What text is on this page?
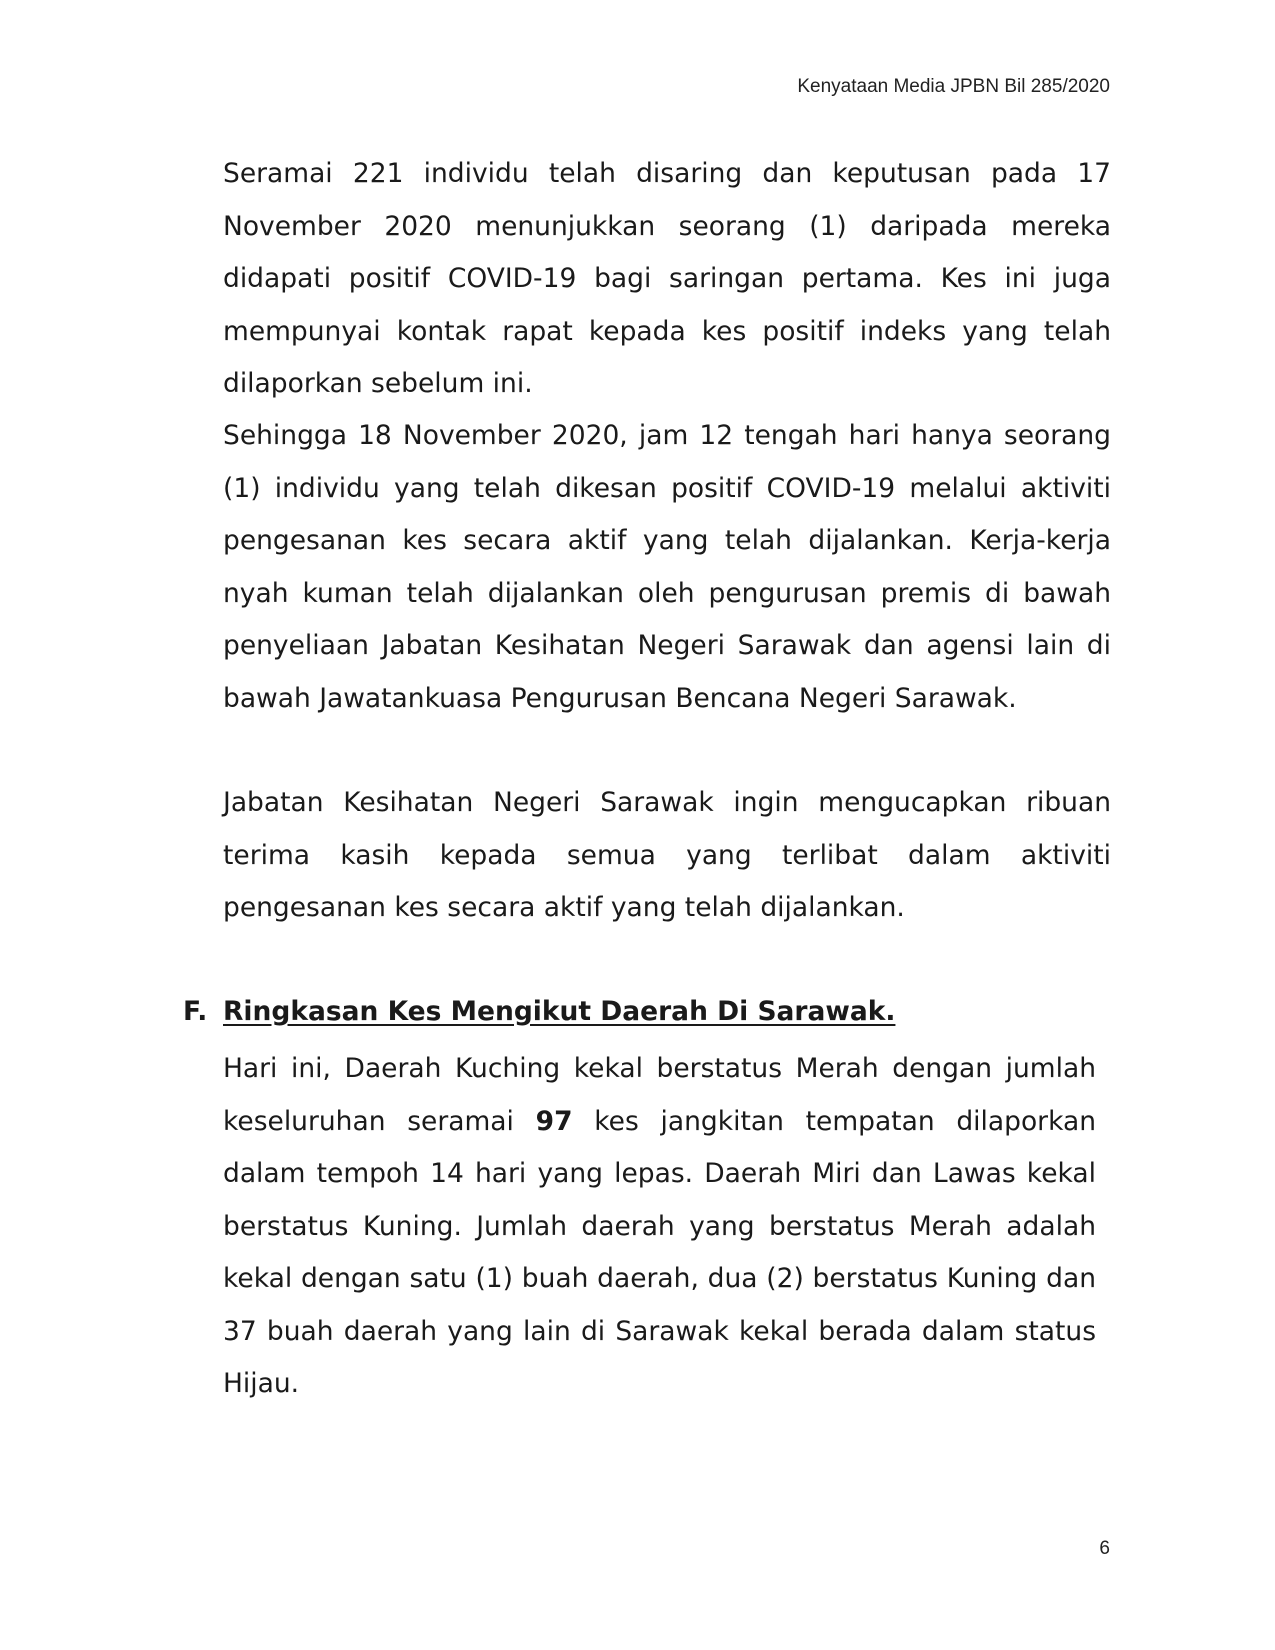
Kenyataan Media JPBN Bil 285/2020

Seramai 221 individu telah disaring dan keputusan pada 17 November 2020 menunjukkan seorang (1) daripada mereka didapati positif COVID-19 bagi saringan pertama. Kes ini juga mempunyai kontak rapat kepada kes positif indeks yang telah dilaporkan sebelum ini.

Sehingga 18 November 2020, jam 12 tengah hari hanya seorang (1) individu yang telah dikesan positif COVID-19 melalui aktiviti pengesanan kes secara aktif yang telah dijalankan. Kerja-kerja nyah kuman telah dijalankan oleh pengurusan premis di bawah penyeliaan Jabatan Kesihatan Negeri Sarawak dan agensi lain di bawah Jawatankuasa Pengurusan Bencana Negeri Sarawak.

Jabatan Kesihatan Negeri Sarawak ingin mengucapkan ribuan terima kasih kepada semua yang terlibat dalam aktiviti pengesanan kes secara aktif yang telah dijalankan.

F. Ringkasan Kes Mengikut Daerah Di Sarawak.

Hari ini, Daerah Kuching kekal berstatus Merah dengan jumlah keseluruhan seramai 97 kes jangkitan tempatan dilaporkan dalam tempoh 14 hari yang lepas. Daerah Miri dan Lawas kekal berstatus Kuning. Jumlah daerah yang berstatus Merah adalah kekal dengan satu (1) buah daerah, dua (2) berstatus Kuning dan 37 buah daerah yang lain di Sarawak kekal berada dalam status Hijau.

6
